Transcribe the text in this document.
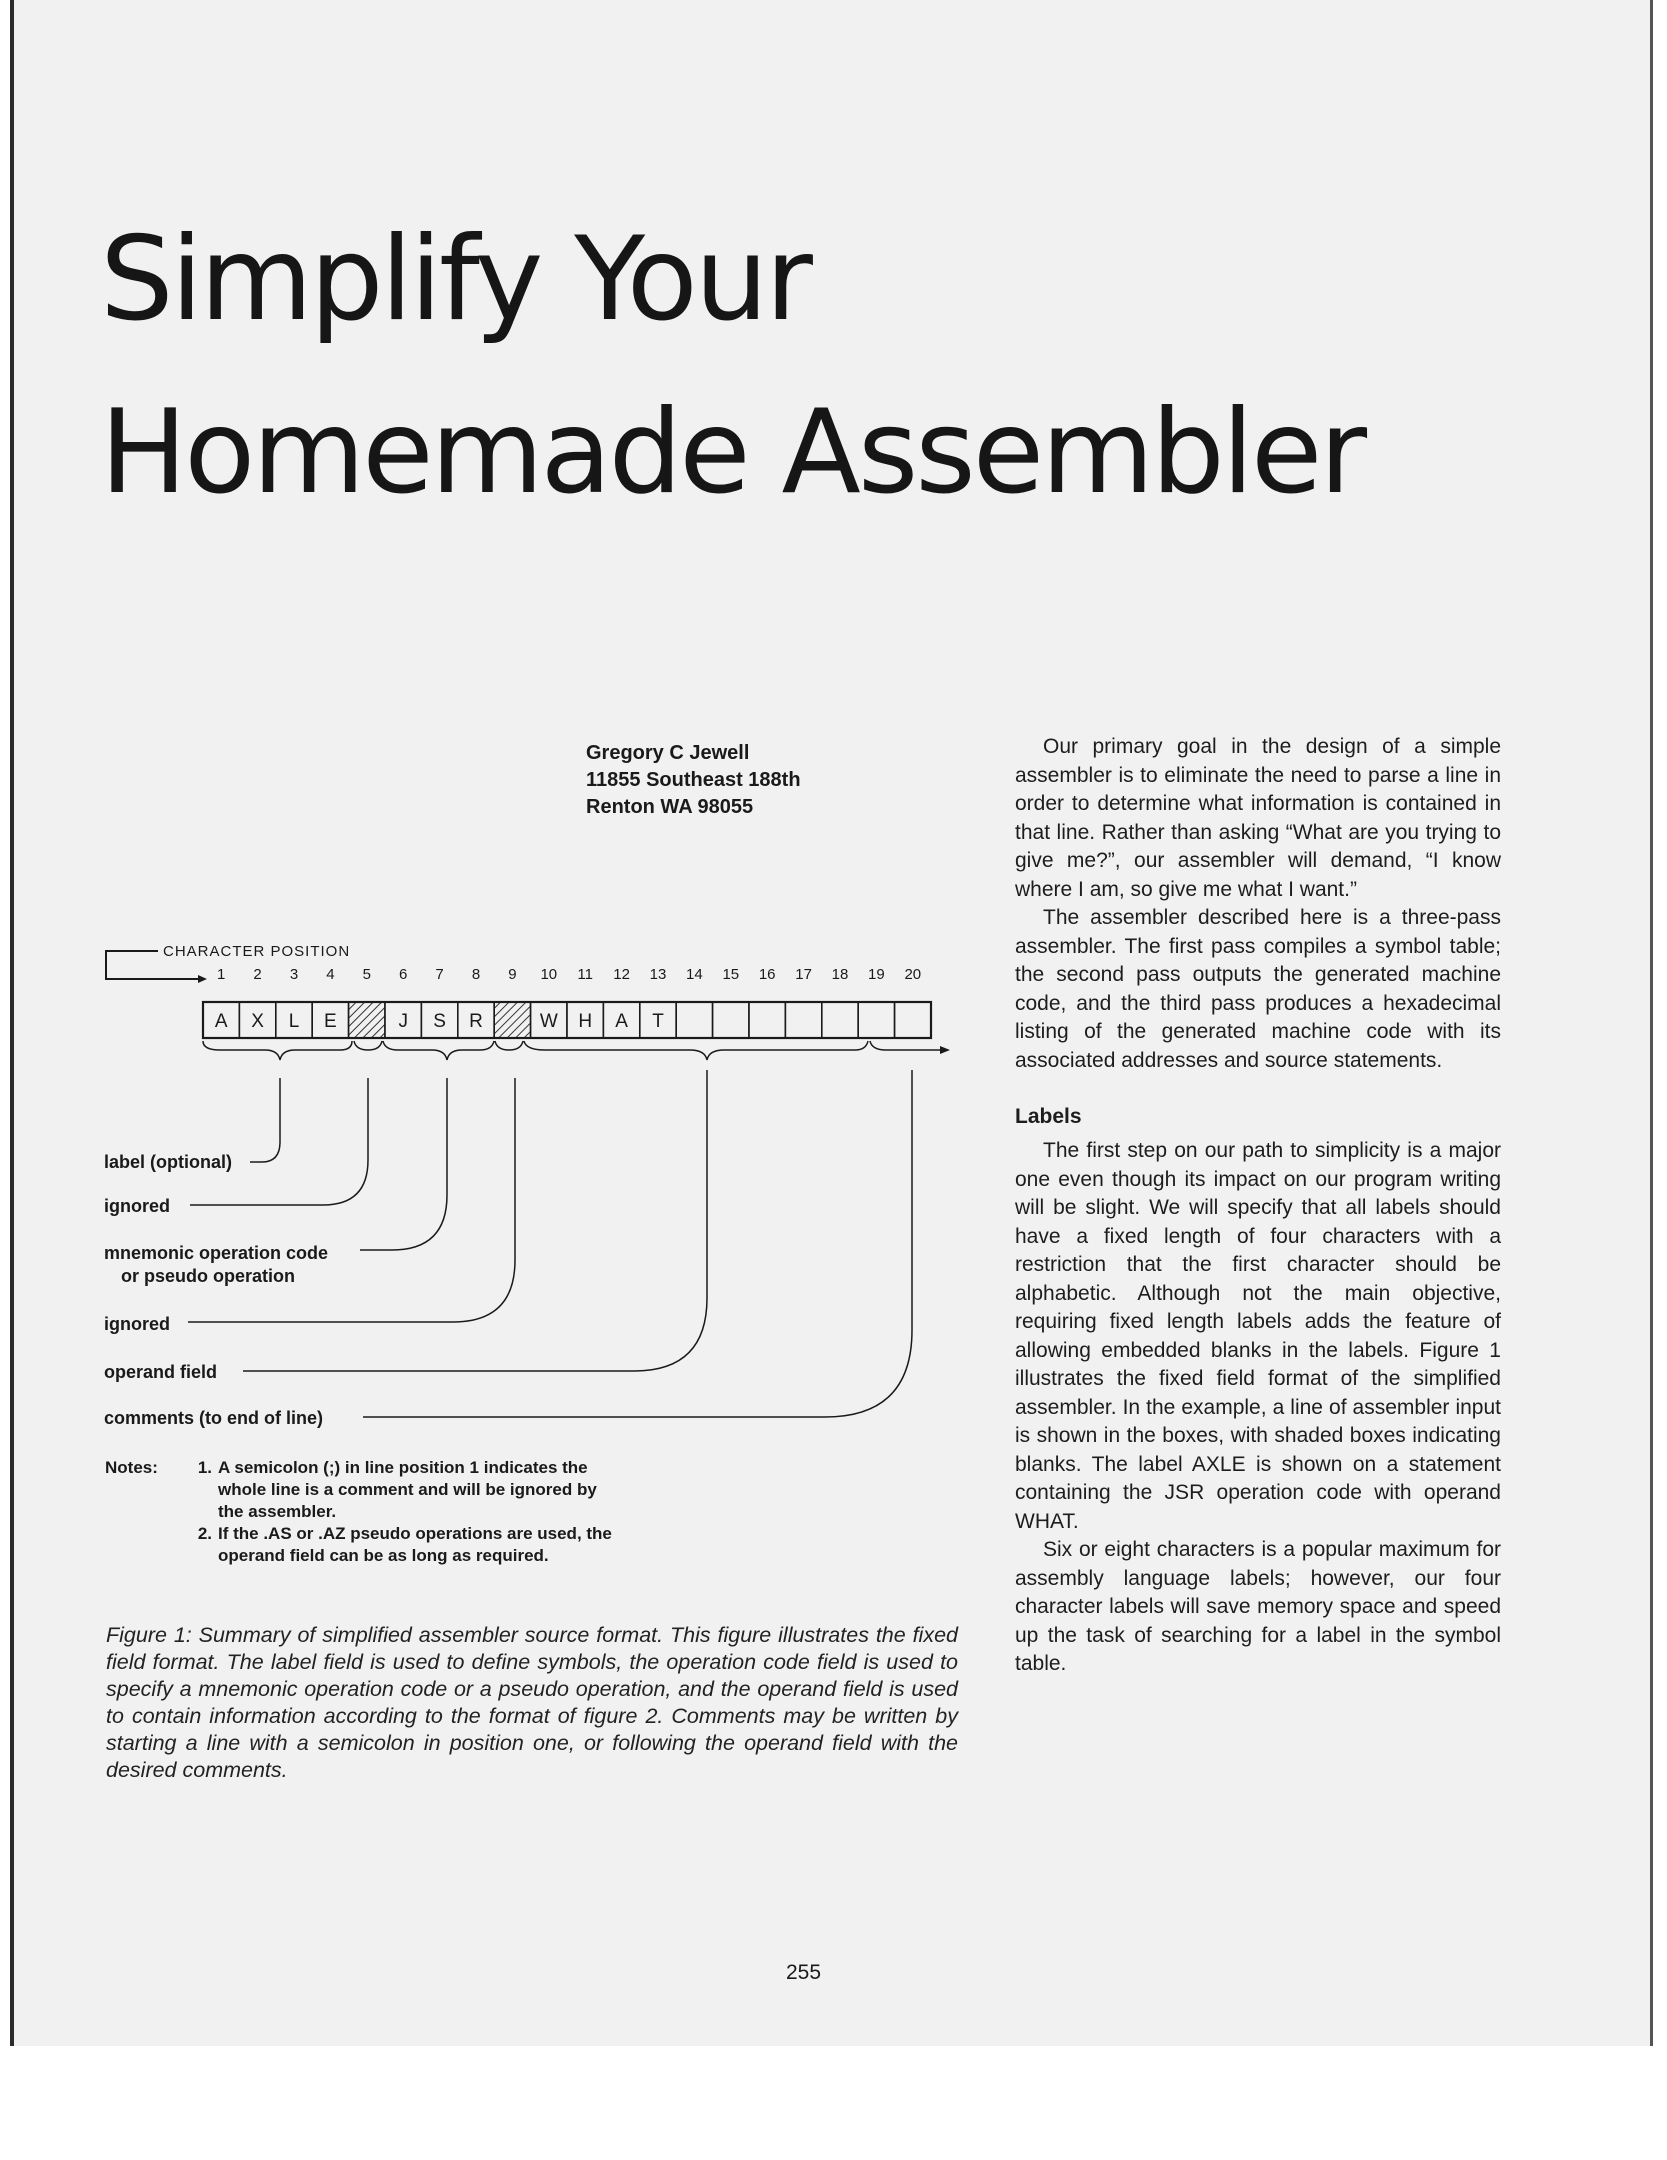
Simplify Your
Homemade Assembler
Gregory C Jewell
11855 Southeast 188th
Renton WA 98055
CHARACTER POSITION
1 2 3 4 5 6 7 8 9 10 11 12 13 14 15 16 17 18 19 20
A X L E	J S R	W H A T
label (optional)
ignored
mnemonic operation code
or pseudo operation
ignored
operand field
comments (to end of line)
Notes:	1. A semicolon (;) in line position 1 indicates the whole line is a comment and will be ignored by the assembler.
2. If the .AS or .AZ pseudo operations are used, the operand field can be as long as required.

Figure 1: Summary of simplified assembler source format. This figure illustrates the fixed field format. The label field is used to define symbols, the operation code field is used to specify a mnemonic operation code or a pseudo operation, and the operand field is used to contain information according to the format of figure 2. Comments may be written by starting a line with a semicolon in position one, or following the operand field with the desired comments.

Our primary goal in the design of a simple assembler is to eliminate the need to parse a line in order to determine what information is contained in that line. Rather than asking “What are you trying to give me?”, our assembler will demand, “I know where I am, so give me what I want.”

The assembler described here is a three-pass assembler. The first pass compiles a symbol table; the second pass outputs the generated machine code, and the third pass produces a hexadecimal listing of the generated machine code with its associated addresses and source statements.

Labels

The first step on our path to simplicity is a major one even though its impact on our program writing will be slight. We will specify that all labels should have a fixed length of four characters with a restriction that the first character should be alphabetic. Although not the main objective, requiring fixed length labels adds the feature of allowing embedded blanks in the labels. Figure 1 illustrates the fixed field format of the simplified assembler. In the example, a line of assembler input is shown in the boxes, with shaded boxes indicating blanks. The label AXLE is shown on a statement containing the JSR operation code with operand WHAT.

Six or eight characters is a popular maximum for assembly language labels; however, our four character labels will save memory space and speed up the task of searching for a label in the symbol table.

255
